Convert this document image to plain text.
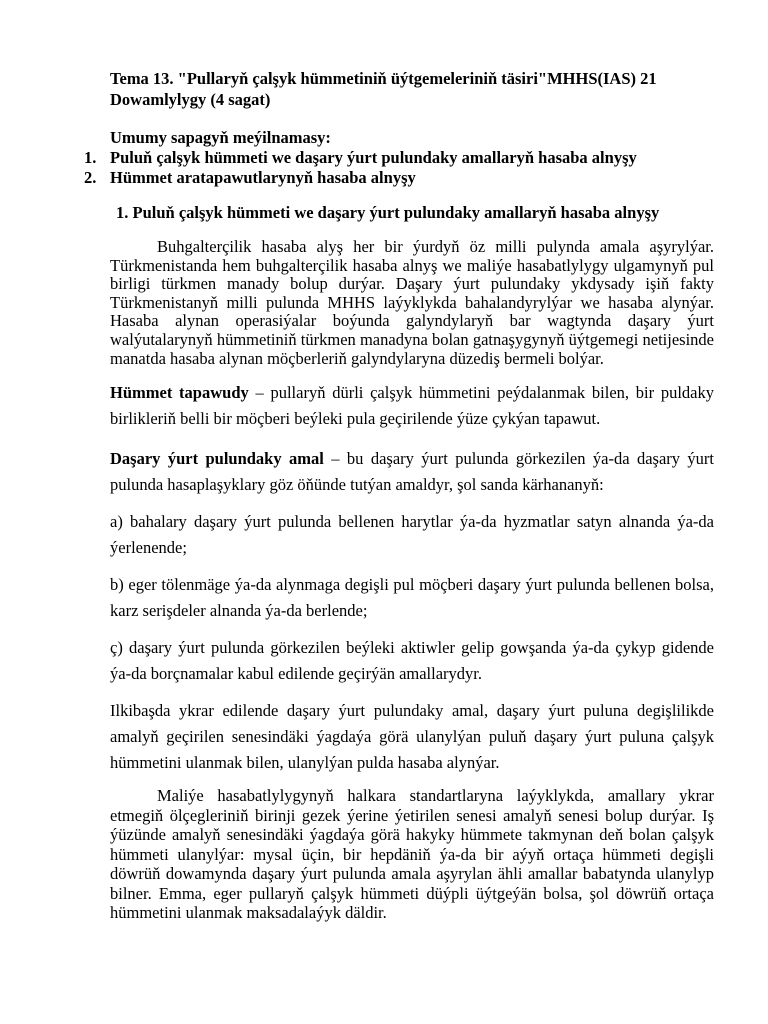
Tema 13. "Pullaryň çalşyk hümmetiniň üýtgemeleriniň täsiri"MHHS(IAS) 21 Dowamlylygy (4 sagat)

Umumy sapagyň meýilnamasy:

1. Puluň çalşyk hümmeti we daşary ýurt pulundaky amallaryň hasaba alnyşy
2. Hümmet aratapawutlarynyň hasaba alnyşy

1. Puluň çalşyk hümmeti we daşary ýurt pulundaky amallaryň hasaba alnyşy

Buhgalterçilik hasaba alyş her bir ýurdyň öz milli pulynda amala aşyrylýar. Türkmenistanda hem buhgalterçilik hasaba alnyş we maliýe hasabatlylygy ulgamynyň pul birligi türkmen manady bolup durýar. Daşary ýurt pulundaky ykdysady işiň fakty Türkmenistanyň milli pulunda MHHS laýyklykda bahalandyrylýar we hasaba alynýar. Hasaba alynan operasiýalar boýunda galyndylaryň bar wagtynda daşary ýurt walýutalarynyň hümmetiniň türkmen manadyna bolan gatnaşygynyň üýtgemegi netijesinde manatda hasaba alynan möçberleriň galyndylaryna düzediş bermeli bolýar.

Hümmet tapawudy – pullaryň dürli çalşyk hümmetini peýdalanmak bilen, bir puldaky birlikleriň belli bir möçberi beýleki pula geçirilende ýüze çykýan tapawut.

Daşary ýurt pulundaky amal – bu daşary ýurt pulunda görkezilen ýa-da daşary ýurt pulunda hasaplaşyklary göz öňünde tutýan amaldyr, şol sanda kärhananyň:

a) bahalary daşary ýurt pulunda bellenen harytlar ýa-da hyzmatlar satyn alnanda ýa-da ýerlenende;

b) eger tölenmäge ýa-da alynmaga degişli pul möçberi daşary ýurt pulunda bellenen bolsa, karz serişdeler alnanda ýa-da berlende;

ç) daşary ýurt pulunda görkezilen beýleki aktiwler gelip gowşanda ýa-da çykyp gidende ýa-da borçnamalar kabul edilende geçirýän amallarydyr.

Ilkibaşda ykrar edilende daşary ýurt pulundaky amal, daşary ýurt puluna degişlilikde amalyň geçirilen senesindäki ýagdaýa görä ulanylýan puluň daşary ýurt puluna çalşyk hümmetini ulanmak bilen, ulanylýan pulda hasaba alynýar.

Maliýe hasabatlylygynyň halkara standartlaryna laýyklykda, amallary ykrar etmegiň ölçegleriniň birinji gezek ýerine ýetirilen senesi amalyň senesi bolup durýar. Iş ýüzünde amalyň senesindäki ýagdaýa görä hakyky hümmete takmynan deň bolan çalşyk hümmeti ulanylýar: mysal üçin, bir hepdäniň ýa-da bir aýyň ortaça hümmeti degişli döwrüň dowamynda daşary ýurt pulunda amala aşyrylan ähli amallar babatynda ulanylyp bilner. Emma, eger pullaryň çalşyk hümmeti düýpli üýtgeýän bolsa, şol döwrüň ortaça hümmetini ulanmak maksadalaýyk däldir.
